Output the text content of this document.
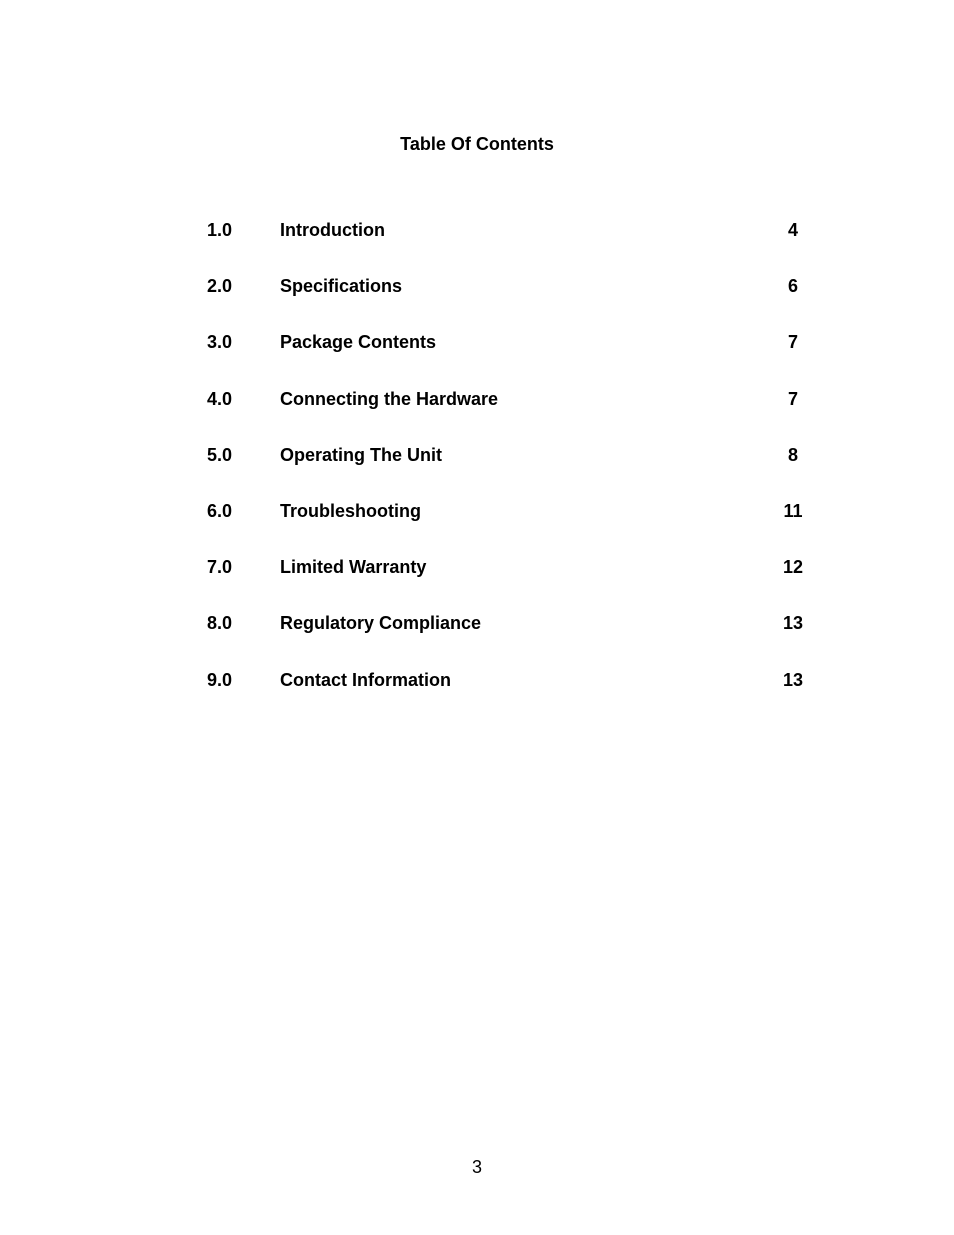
Table Of Contents
1.0	Introduction	4
2.0	Specifications	6
3.0	Package Contents	7
4.0	Connecting the Hardware	7
5.0	Operating The Unit	8
6.0	Troubleshooting	11
7.0	Limited Warranty	12
8.0	Regulatory Compliance	13
9.0	Contact Information	13

3
